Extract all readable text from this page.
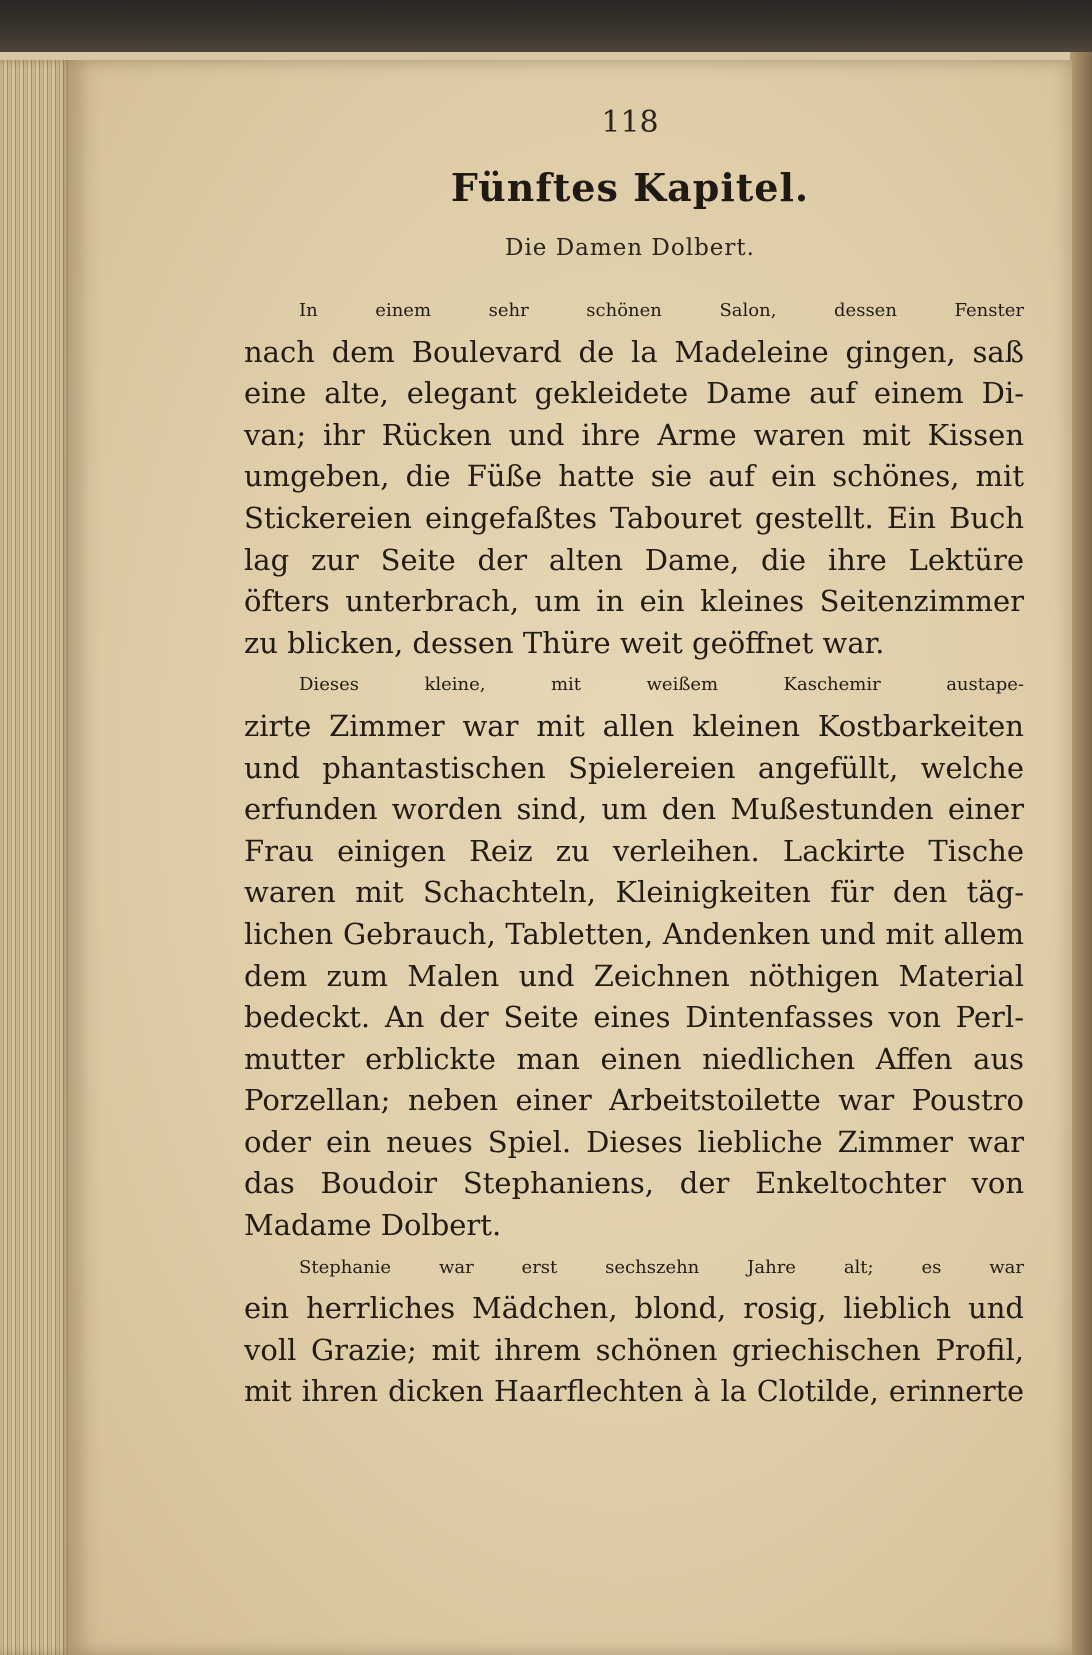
118
Fünftes Kapitel.
Die Damen Dolbert.
In einem sehr schönen Salon, dessen Fenster
nach dem Boulevard de la Madeleine gingen, saß
eine alte, elegant gekleidete Dame auf einem Di-
van; ihr Rücken und ihre Arme waren mit Kissen
umgeben, die Füße hatte sie auf ein schönes, mit
Stickereien eingefaßtes Tabouret gestellt. Ein Buch
lag zur Seite der alten Dame, die ihre Lektüre
öfters unterbrach, um in ein kleines Seitenzimmer
zu blicken, dessen Thüre weit geöffnet war.
Dieses kleine, mit weißem Kaschemir austape-
zirte Zimmer war mit allen kleinen Kostbarkeiten
und phantastischen Spielereien angefüllt, welche
erfunden worden sind, um den Mußestunden einer
Frau einigen Reiz zu verleihen. Lackirte Tische
waren mit Schachteln, Kleinigkeiten für den täg-
lichen Gebrauch, Tabletten, Andenken und mit allem
dem zum Malen und Zeichnen nöthigen Material
bedeckt. An der Seite eines Dintenfasses von Perl-
mutter erblickte man einen niedlichen Affen aus
Porzellan; neben einer Arbeitstoilette war Poustro
oder ein neues Spiel. Dieses liebliche Zimmer war
das Boudoir Stephaniens, der Enkeltochter von
Madame Dolbert.
Stephanie war erst sechszehn Jahre alt; es war
ein herrliches Mädchen, blond, rosig, lieblich und
voll Grazie; mit ihrem schönen griechischen Profil,
mit ihren dicken Haarflechten à la Clotilde, erinnerte
